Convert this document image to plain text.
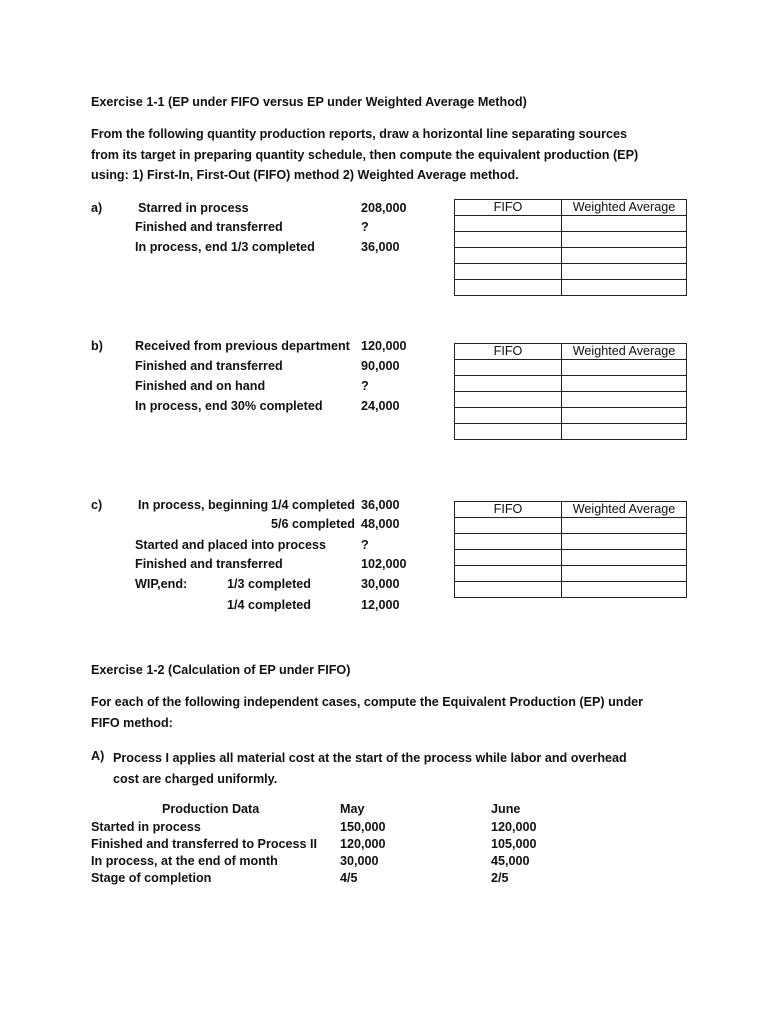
Exercise 1-1 (EP under FIFO versus EP under Weighted Average Method)
From the following quantity production reports, draw a horizontal line separating sources from its target in preparing quantity schedule, then compute the equivalent production (EP) using: 1) First-In, First-Out (FIFO) method 2) Weighted Average method.
a)	Starred in process	208,000
Finished and transferred	?
In process, end 1/3 completed	36,000
FIFO	Weighted Average

b)	Received from previous department 120,000
Finished and transferred	90,000
Finished and on hand	?
In process, end 30% completed	24,000
FIFO	Weighted Average

c)	In process, beginning 1/4 completed 36,000
5/6 completed 48,000
Started and placed into process	?
Finished and transferred	102,000
WIP,end:	1/3 completed	30,000
1/4 completed	12,000
FIFO	Weighted Average

Exercise 1-2 (Calculation of EP under FIFO)
For each of the following independent cases, compute the Equivalent Production (EP) under FIFO method:
A) Process I applies all material cost at the start of the process while labor and overhead cost are charged uniformly.
Production Data	May	June
Started in process	150,000	120,000
Finished and transferred to Process II 120,000	105,000
In process, at the end of month	30,000	45,000
Stage of completion	4/5	2/5
